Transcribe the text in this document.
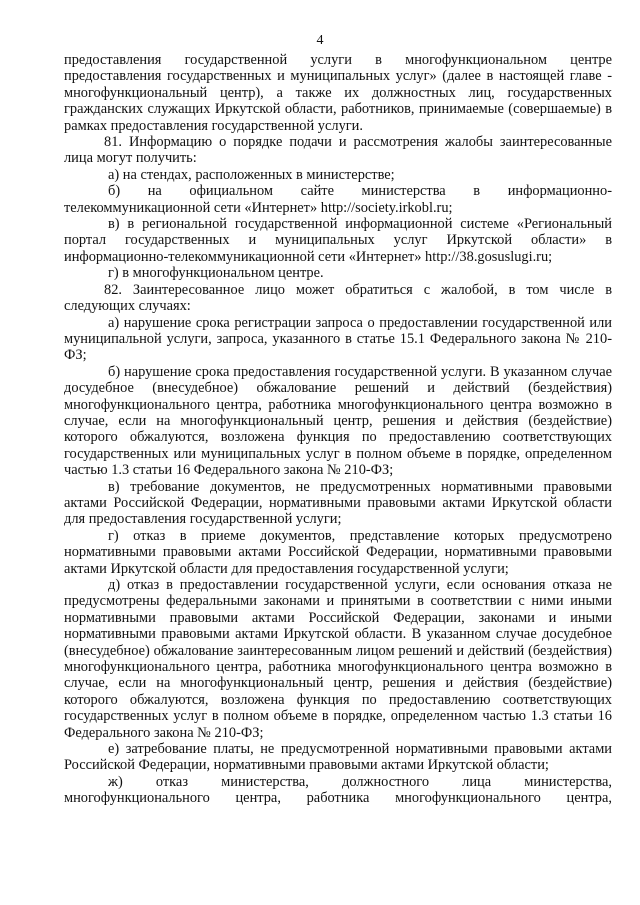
4

предоставления государственной услуги в многофункциональном центре предоставления государственных и муниципальных услуг» (далее в настоящей главе - многофункциональный центр), а также их должностных лиц, государственных гражданских служащих Иркутской области, работников, принимаемые (совершаемые) в рамках предоставления государственной услуги.

81. Информацию о порядке подачи и рассмотрения жалобы заинтересованные лица могут получить:

а) на стендах, расположенных в министерстве;

б) на официальном сайте министерства в информационно-телекоммуникационной сети «Интернет» http://society.irkobl.ru;

в) в региональной государственной информационной системе «Региональный портал государственных и муниципальных услуг Иркутской области» в информационно-телекоммуникационной сети «Интернет» http://38.gosuslugi.ru;

г) в многофункциональном центре.

82. Заинтересованное лицо может обратиться с жалобой, в том числе в следующих случаях:

а) нарушение срока регистрации запроса о предоставлении государственной или муниципальной услуги, запроса, указанного в статье 15.1 Федерального закона № 210-ФЗ;

б) нарушение срока предоставления государственной услуги. В указанном случае досудебное (внесудебное) обжалование решений и действий (бездействия) многофункционального центра, работника многофункционального центра возможно в случае, если на многофункциональный центр, решения и действия (бездействие) которого обжалуются, возложена функция по предоставлению соответствующих государственных или муниципальных услуг в полном объеме в порядке, определенном частью 1.3 статьи 16 Федерального закона № 210-ФЗ;

в) требование документов, не предусмотренных нормативными правовыми актами Российской Федерации, нормативными правовыми актами Иркутской области для предоставления государственной услуги;

г) отказ в приеме документов, представление которых предусмотрено нормативными правовыми актами Российской Федерации, нормативными правовыми актами Иркутской области для предоставления государственной услуги;

д) отказ в предоставлении государственной услуги, если основания отказа не предусмотрены федеральными законами и принятыми в соответствии с ними иными нормативными правовыми актами Российской Федерации, законами и иными нормативными правовыми актами Иркутской области. В указанном случае досудебное (внесудебное) обжалование заинтересованным лицом решений и действий (бездействия) многофункционального центра, работника многофункционального центра возможно в случае, если на многофункциональный центр, решения и действия (бездействие) которого обжалуются, возложена функция по предоставлению соответствующих государственных услуг в полном объеме в порядке, определенном частью 1.3 статьи 16 Федерального закона № 210-ФЗ;

е) затребование платы, не предусмотренной нормативными правовыми актами Российской Федерации, нормативными правовыми актами Иркутской области;

ж) отказ министерства, должностного лица министерства, многофункционального центра, работника многофункционального центра,
